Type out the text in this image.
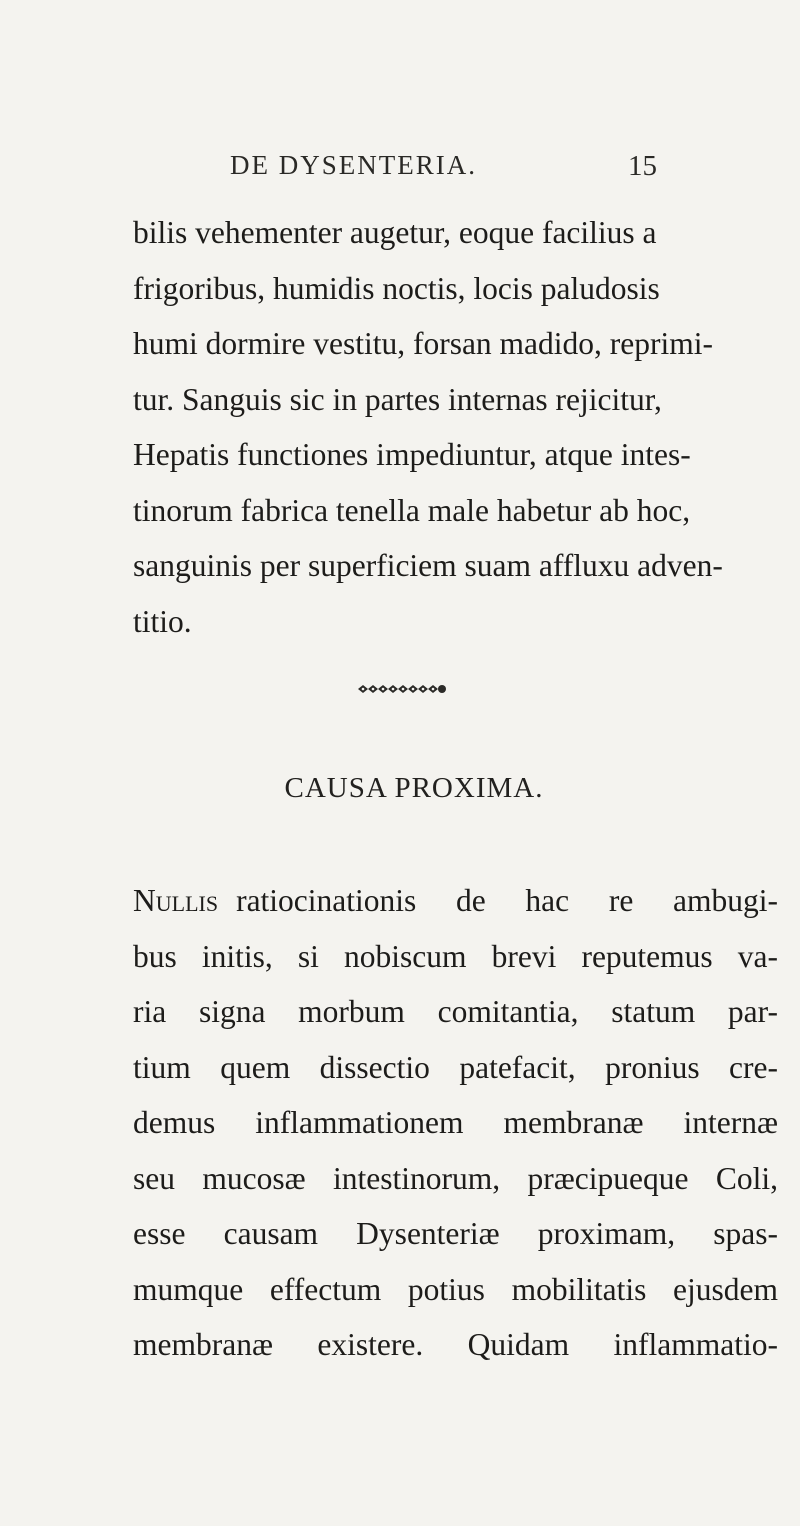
DE DYSENTERIA.	15
bilis vehementer augetur, eoque facilius a
frigoribus, humidis noctis, locis paludosis
humi dormire vestitu, forsan madido, reprimi-
tur. Sanguis sic in partes internas rejicitur,
Hepatis functiones impediuntur, atque intes-
tinorum fabrica tenella male habetur ab hoc,
sanguinis per superficiem suam affluxu adven-
titio.
CAUSA PROXIMA.
Nullis ratiocinationis de hac re ambugi-
bus initis, si nobiscum brevi reputemus va-
ria signa morbum comitantia, statum par-
tium quem dissectio patefacit, pronius cre-
demus inflammationem membranæ internæ
seu mucosæ intestinorum, præcipueque Coli,
esse causam Dysenteriæ proximam, spas-
mumque effectum potius mobilitatis ejusdem
membranæ existere. Quidam inflammatio-
